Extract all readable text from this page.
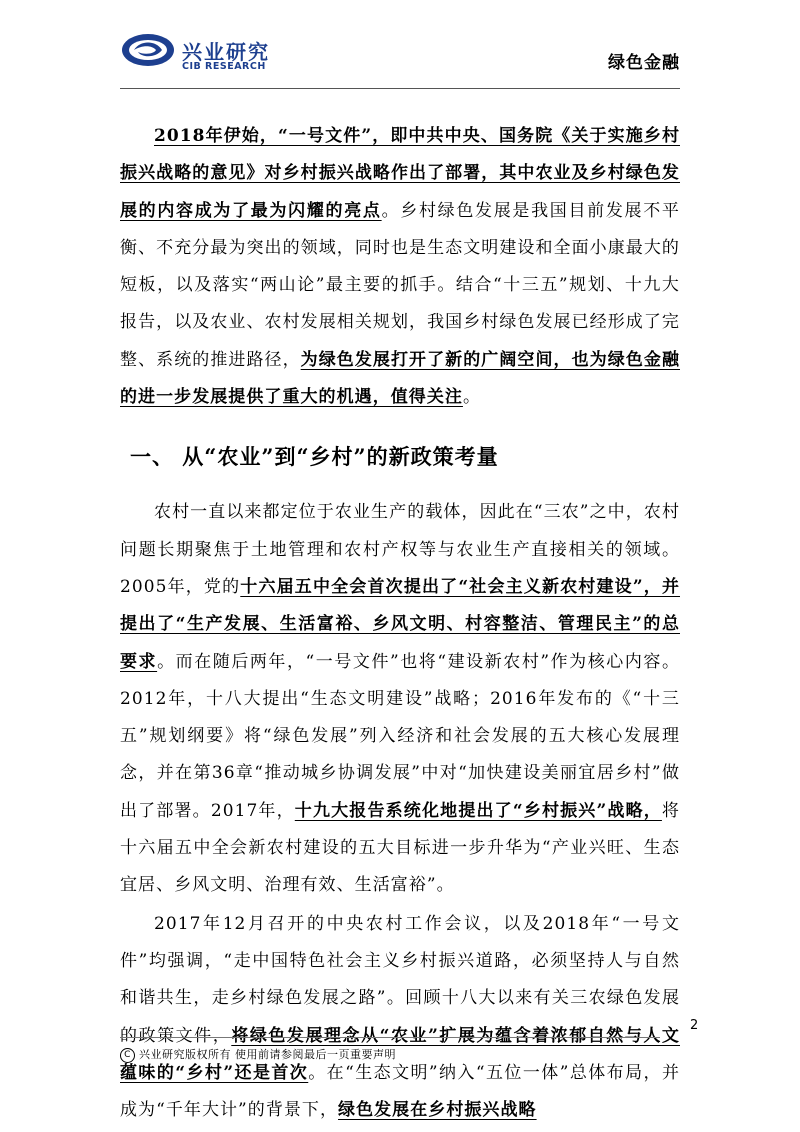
兴业研究
CIB RESEARCH	绿色金融

2018年伊始，“一号文件”，即中共中央、国务院《关于实施乡村振兴战略的意见》对乡村振兴战略作出了部署，其中农业及乡村绿色发展的内容成为了最为闪耀的亮点。乡村绿色发展是我国目前发展不平衡、不充分最为突出的领域，同时也是生态文明建设和全面小康最大的短板，以及落实“两山论”最主要的抓手。结合“十三五”规划、十九大报告，以及农业、农村发展相关规划，我国乡村绿色发展已经形成了完整、系统的推进路径，为绿色发展打开了新的广阔空间，也为绿色金融的进一步发展提供了重大的机遇，值得关注。

一、 从“农业”到“乡村”的新政策考量

农村一直以来都定位于农业生产的载体，因此在“三农”之中，农村问题长期聚焦于土地管理和农村产权等与农业生产直接相关的领域。2005年，党的十六届五中全会首次提出了“社会主义新农村建设”，并提出了“生产发展、生活富裕、乡风文明、村容整洁、管理民主”的总要求。而在随后两年，“一号文件”也将“建设新农村”作为核心内容。2012年，十八大提出“生态文明建设”战略；2016年发布的《“十三五”规划纲要》将“绿色发展”列入经济和社会发展的五大核心发展理念，并在第36章“推动城乡协调发展”中对“加快建设美丽宜居乡村”做出了部署。2017年，十九大报告系统化地提出了“乡村振兴”战略，将十六届五中全会新农村建设的五大目标进一步升华为“产业兴旺、生态宜居、乡风文明、治理有效、生活富裕”。

2017年12月召开的中央农村工作会议，以及2018年“一号文件”均强调，“走中国特色社会主义乡村振兴道路，必须坚持人与自然和谐共生，走乡村绿色发展之路”。回顾十八大以来有关三农绿色发展的政策文件，将绿色发展理念从“农业”扩展为蕴含着浓郁自然与人文蕴味的“乡村”还是首次。在“生态文明”纳入“五位一体”总体布局，并成为“千年大计”的背景下，绿色发展在乡村振兴战略

2
C 兴业研究版权所有 使用前请参阅最后一页重要声明
